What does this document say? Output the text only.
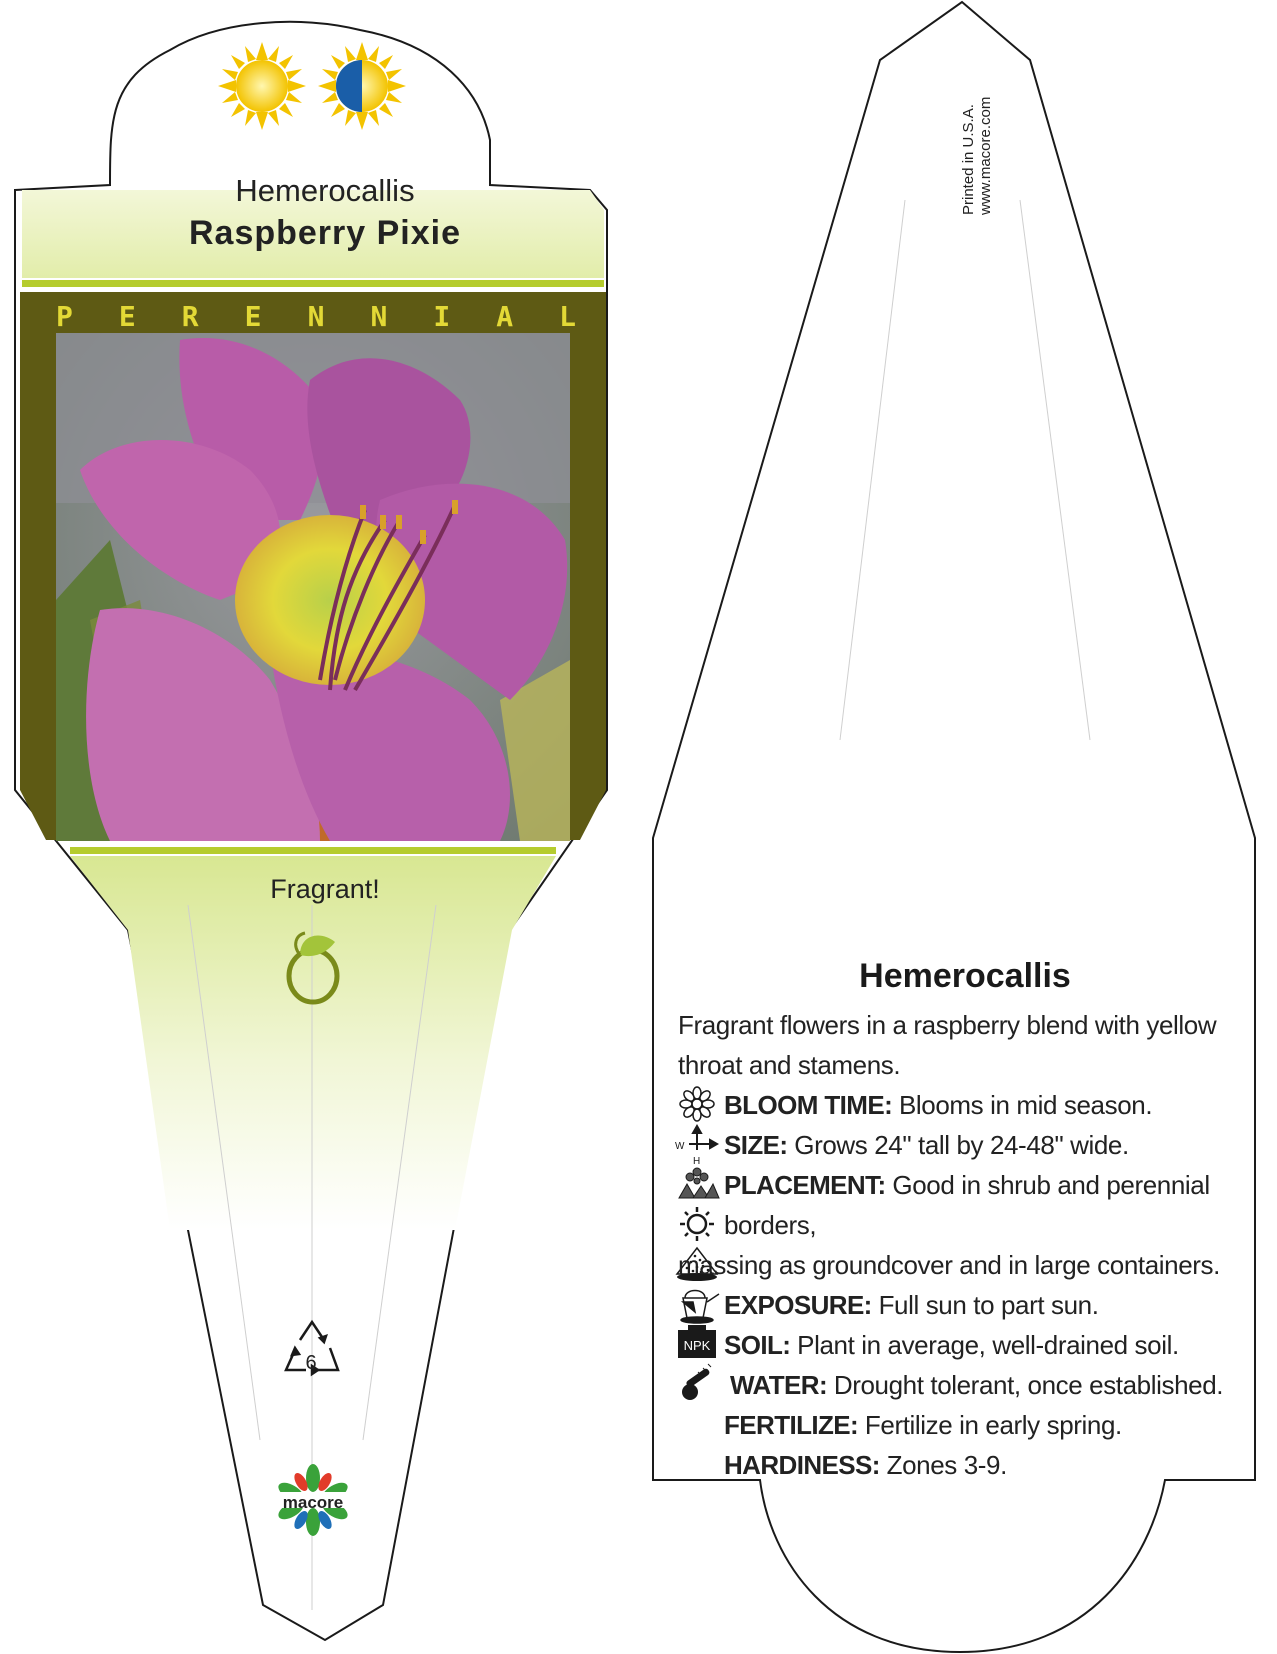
W
H
NPK
Hemerocallis
Raspberry Pixie
P E R E N N I A L
Fragrant!
6
macore
Printed in U.S.A. www.macore.com
Hemerocallis

Fragrant flowers in a raspberry blend with yellow throat and stamens.

BLOOM TIME: Blooms in mid season.
SIZE: Grows 24" tall by 24-48" wide.
PLACEMENT: Good in shrub and perennial borders,
massing as groundcover and in large containers.
EXPOSURE: Full sun to part sun.
SOIL: Plant in average, well-drained soil.
WATER: Drought tolerant, once established.
FERTILIZE: Fertilize in early spring.
HARDINESS: Zones 3-9.
